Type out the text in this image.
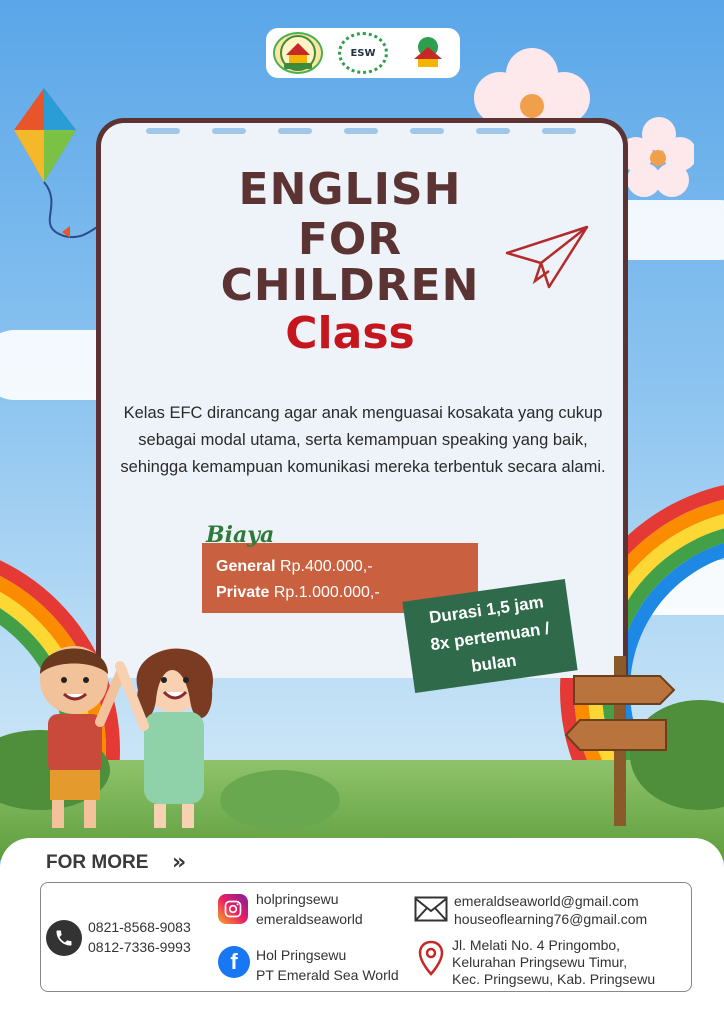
ESW
ENGLISH
FOR
CHILDREN
Class
Kelas EFC dirancang agar anak menguasai kosakata yang cukup sebagai modal utama, serta kemampuan speaking yang baik, sehingga kemampuan komunikasi mereka terbentuk secara alami.
Biaya
General Rp.400.000,-
Private Rp.1.000.000,-	Durasi 1,5 jam
8x pertemuan /
bulan
FOR MORE »
0821-8568-9083
0812-7336-9993
holpringsewu
emeraldseaworld
f	Hol Pringsewu
PT Emerald Sea World
emeraldseaworld@gmail.com
houseoflearning76@gmail.com
Jl. Melati No. 4 Pringombo,
Kelurahan Pringsewu Timur,
Kec. Pringsewu, Kab. Pringsewu
